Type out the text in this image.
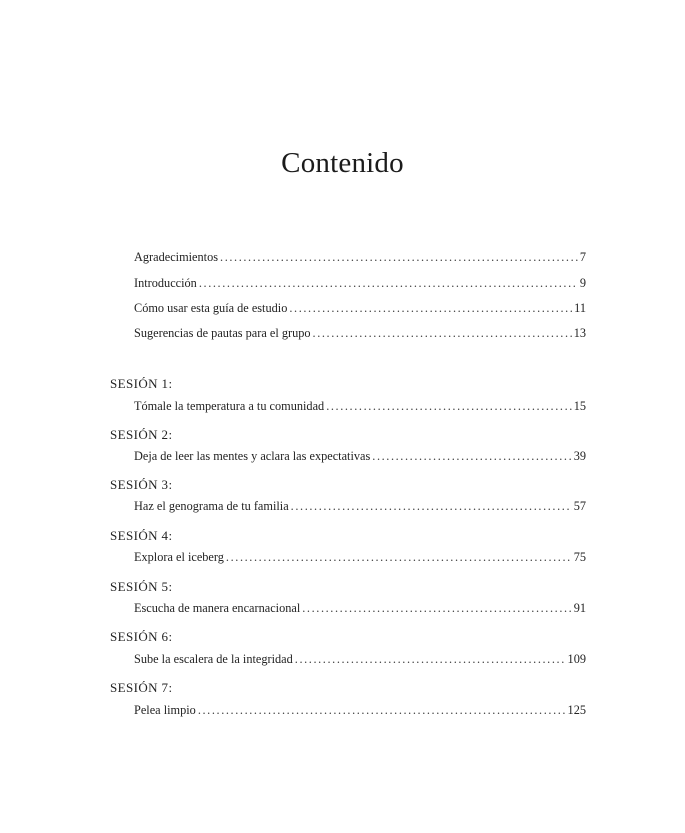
Contenido
Agradecimientos .....	7
Introducción .....	9
Cómo usar esta guía de estudio .....	11
Sugerencias de pautas para el grupo .....	13
SESIÓN 1:
Tómale la temperatura a tu comunidad .....	15
SESIÓN 2:
Deja de leer las mentes y aclara las expectativas .....	39
SESIÓN 3:
Haz el genograma de tu familia .....	57
SESIÓN 4:
Explora el iceberg .....	75
SESIÓN 5:
Escucha de manera encarnacional .....	91
SESIÓN 6:
Sube la escalera de la integridad .....	109
SESIÓN 7:
Pelea limpio .....	125
